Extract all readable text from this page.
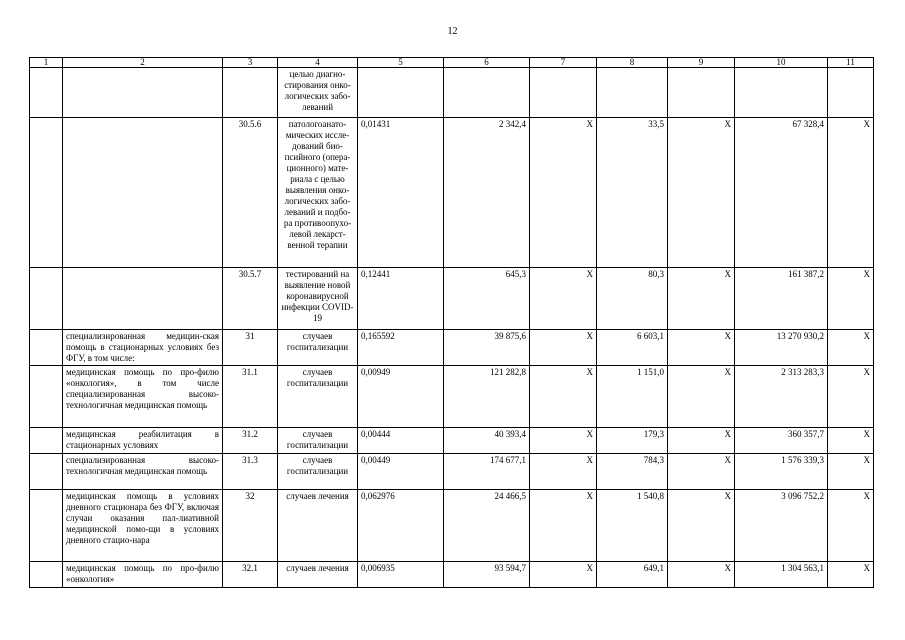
12
1	2	3	4	5	6	7	8	9	10	11
			целью диагно-стирования онко-логических забо-леваний							
		30.5.6	патологоанато-мических иссле-дований био-псийного (опера-ционного) мате-риала с целью выявления онко-логических забо-леваний и подбо-ра противоопухо-левой лекарст-венной терапии	0,01431	2 342,4	X	33,5	X	67 328,4	X
		30.5.7	тестирований на выявление новой коронавирусной инфекции COVID-19	0,12441	645,3	X	80,3	X	161 387,2	X
	специализированная медицин-ская помощь в стационарных условиях без ФГУ, в том числе:	31	случаев госпитализации	0,165592	39 875,6	X	6 603,1	X	13 270 930,2	X
	медицинская помощь по про-филю «онкология», в том числе специализированная высоко-технологичная медицинская помощь	31.1	случаев госпитализации	0,00949	121 282,8	X	1 151,0	X	2 313 283,3	X
	медицинская реабилитация в стационарных условиях	31.2	случаев госпитализации	0,00444	40 393,4	X	179,3	X	360 357,7	X
	специализированная высоко-технологичная медицинская помощь	31.3	случаев госпитализации	0,00449	174 677,1	X	784,3	X	1 576 339,3	X
	медицинская помощь в условиях дневного стационара без ФГУ, включая случаи оказания пал-лиативной медицинской помо-щи в условиях дневного стацио-нара	32	случаев лечения	0,062976	24 466,5	X	1 540,8	X	3 096 752,2	X
	медицинская помощь по про-филю «онкология»	32.1	случаев лечения	0,006935	93 594,7	X	649,1	X	1 304 563,1	X
